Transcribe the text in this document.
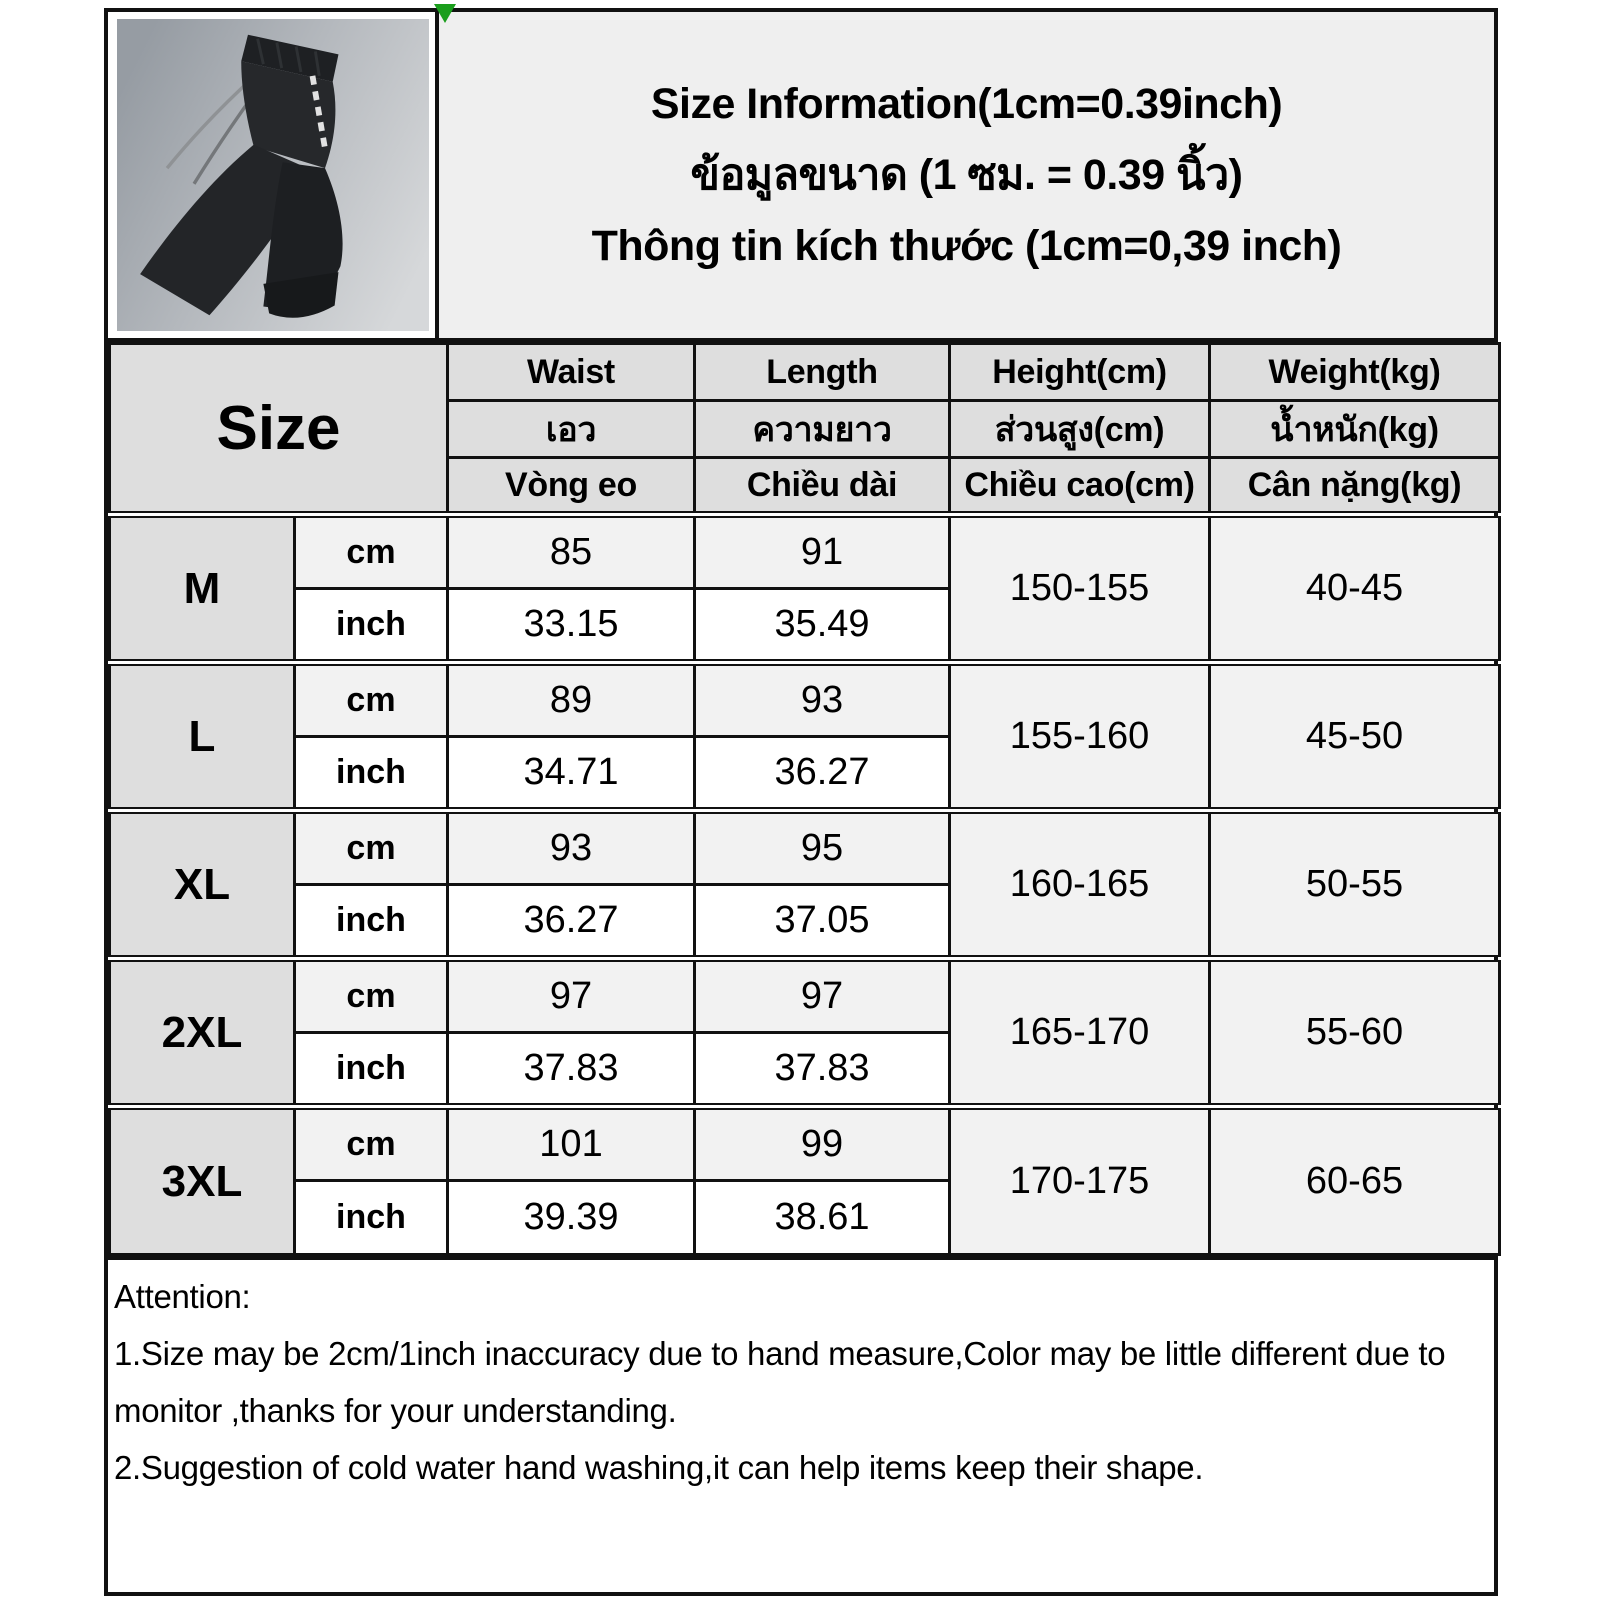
Size Information(1cm=0.39inch)
ข้อมูลขนาด (1 ซม. = 0.39 นิ้ว)
Thông tin kích thước (1cm=0,39 inch)
Size		Waist	Length	Height(cm)	Weight(kg)
		เอว	ความยาว	ส่วนสูง(cm)	น้ำหนัก(kg)
		Vòng eo	Chiều dài	Chiều cao(cm)	Cân nặng(kg)
M	cm	85	91	150-155	40-45
	inch	33.15	35.49		
L	cm	89	93	155-160	45-50
	inch	34.71	36.27		
XL	cm	93	95	160-165	50-55
	inch	36.27	37.05		
2XL	cm	97	97	165-170	55-60
	inch	37.83	37.83		
3XL	cm	101	99	170-175	60-65
	inch	39.39	38.61		
Attention:
1.Size may be 2cm/1inch inaccuracy due to hand measure,Color may be little different due to monitor ,thanks for your understanding.
2.Suggestion of cold water hand washing,it can help items keep their shape.
